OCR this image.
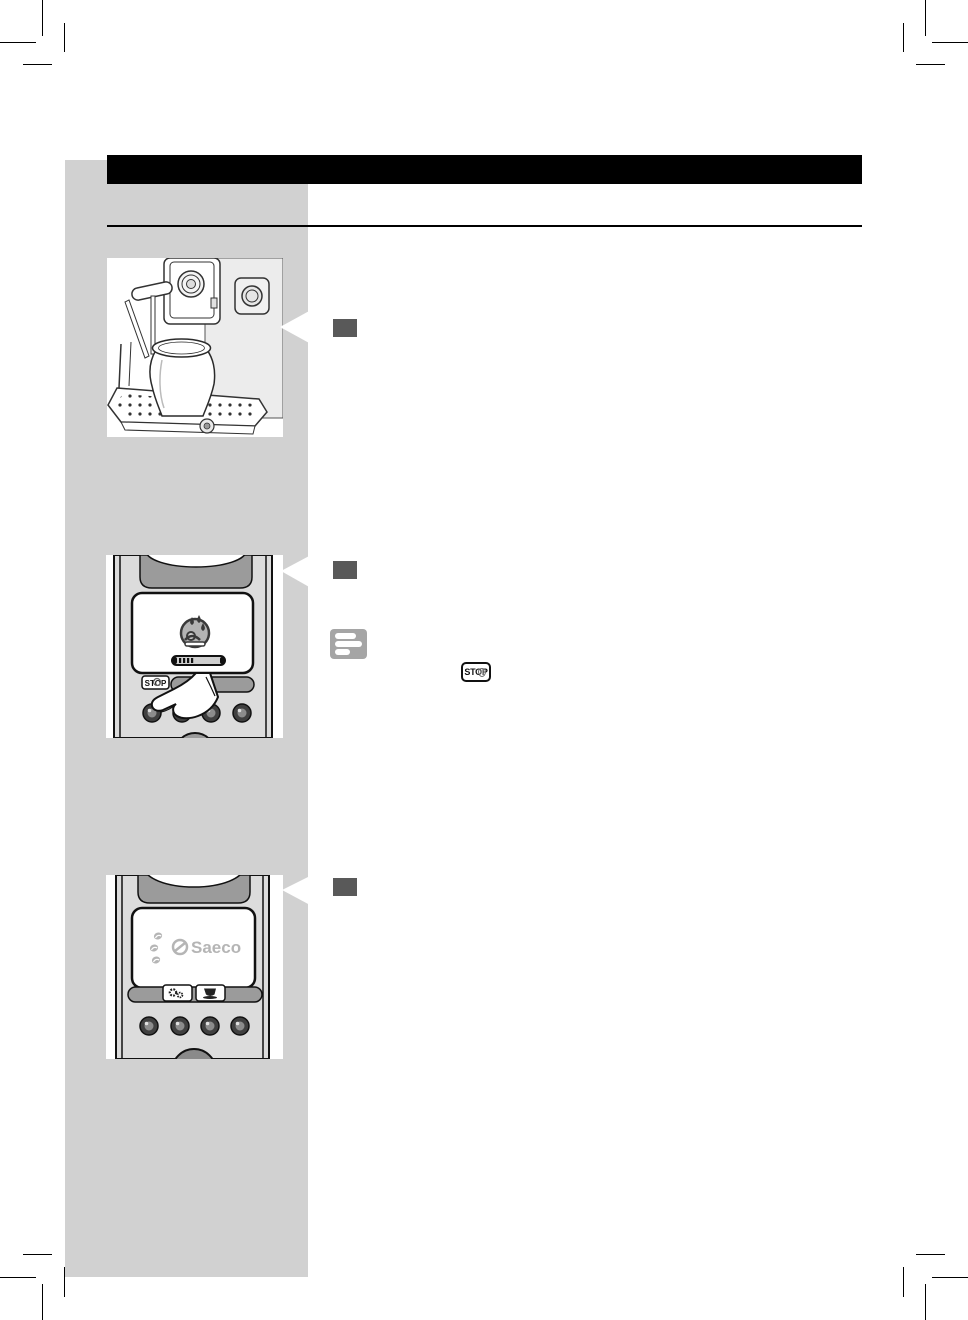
STOP
STOP
Saeco
